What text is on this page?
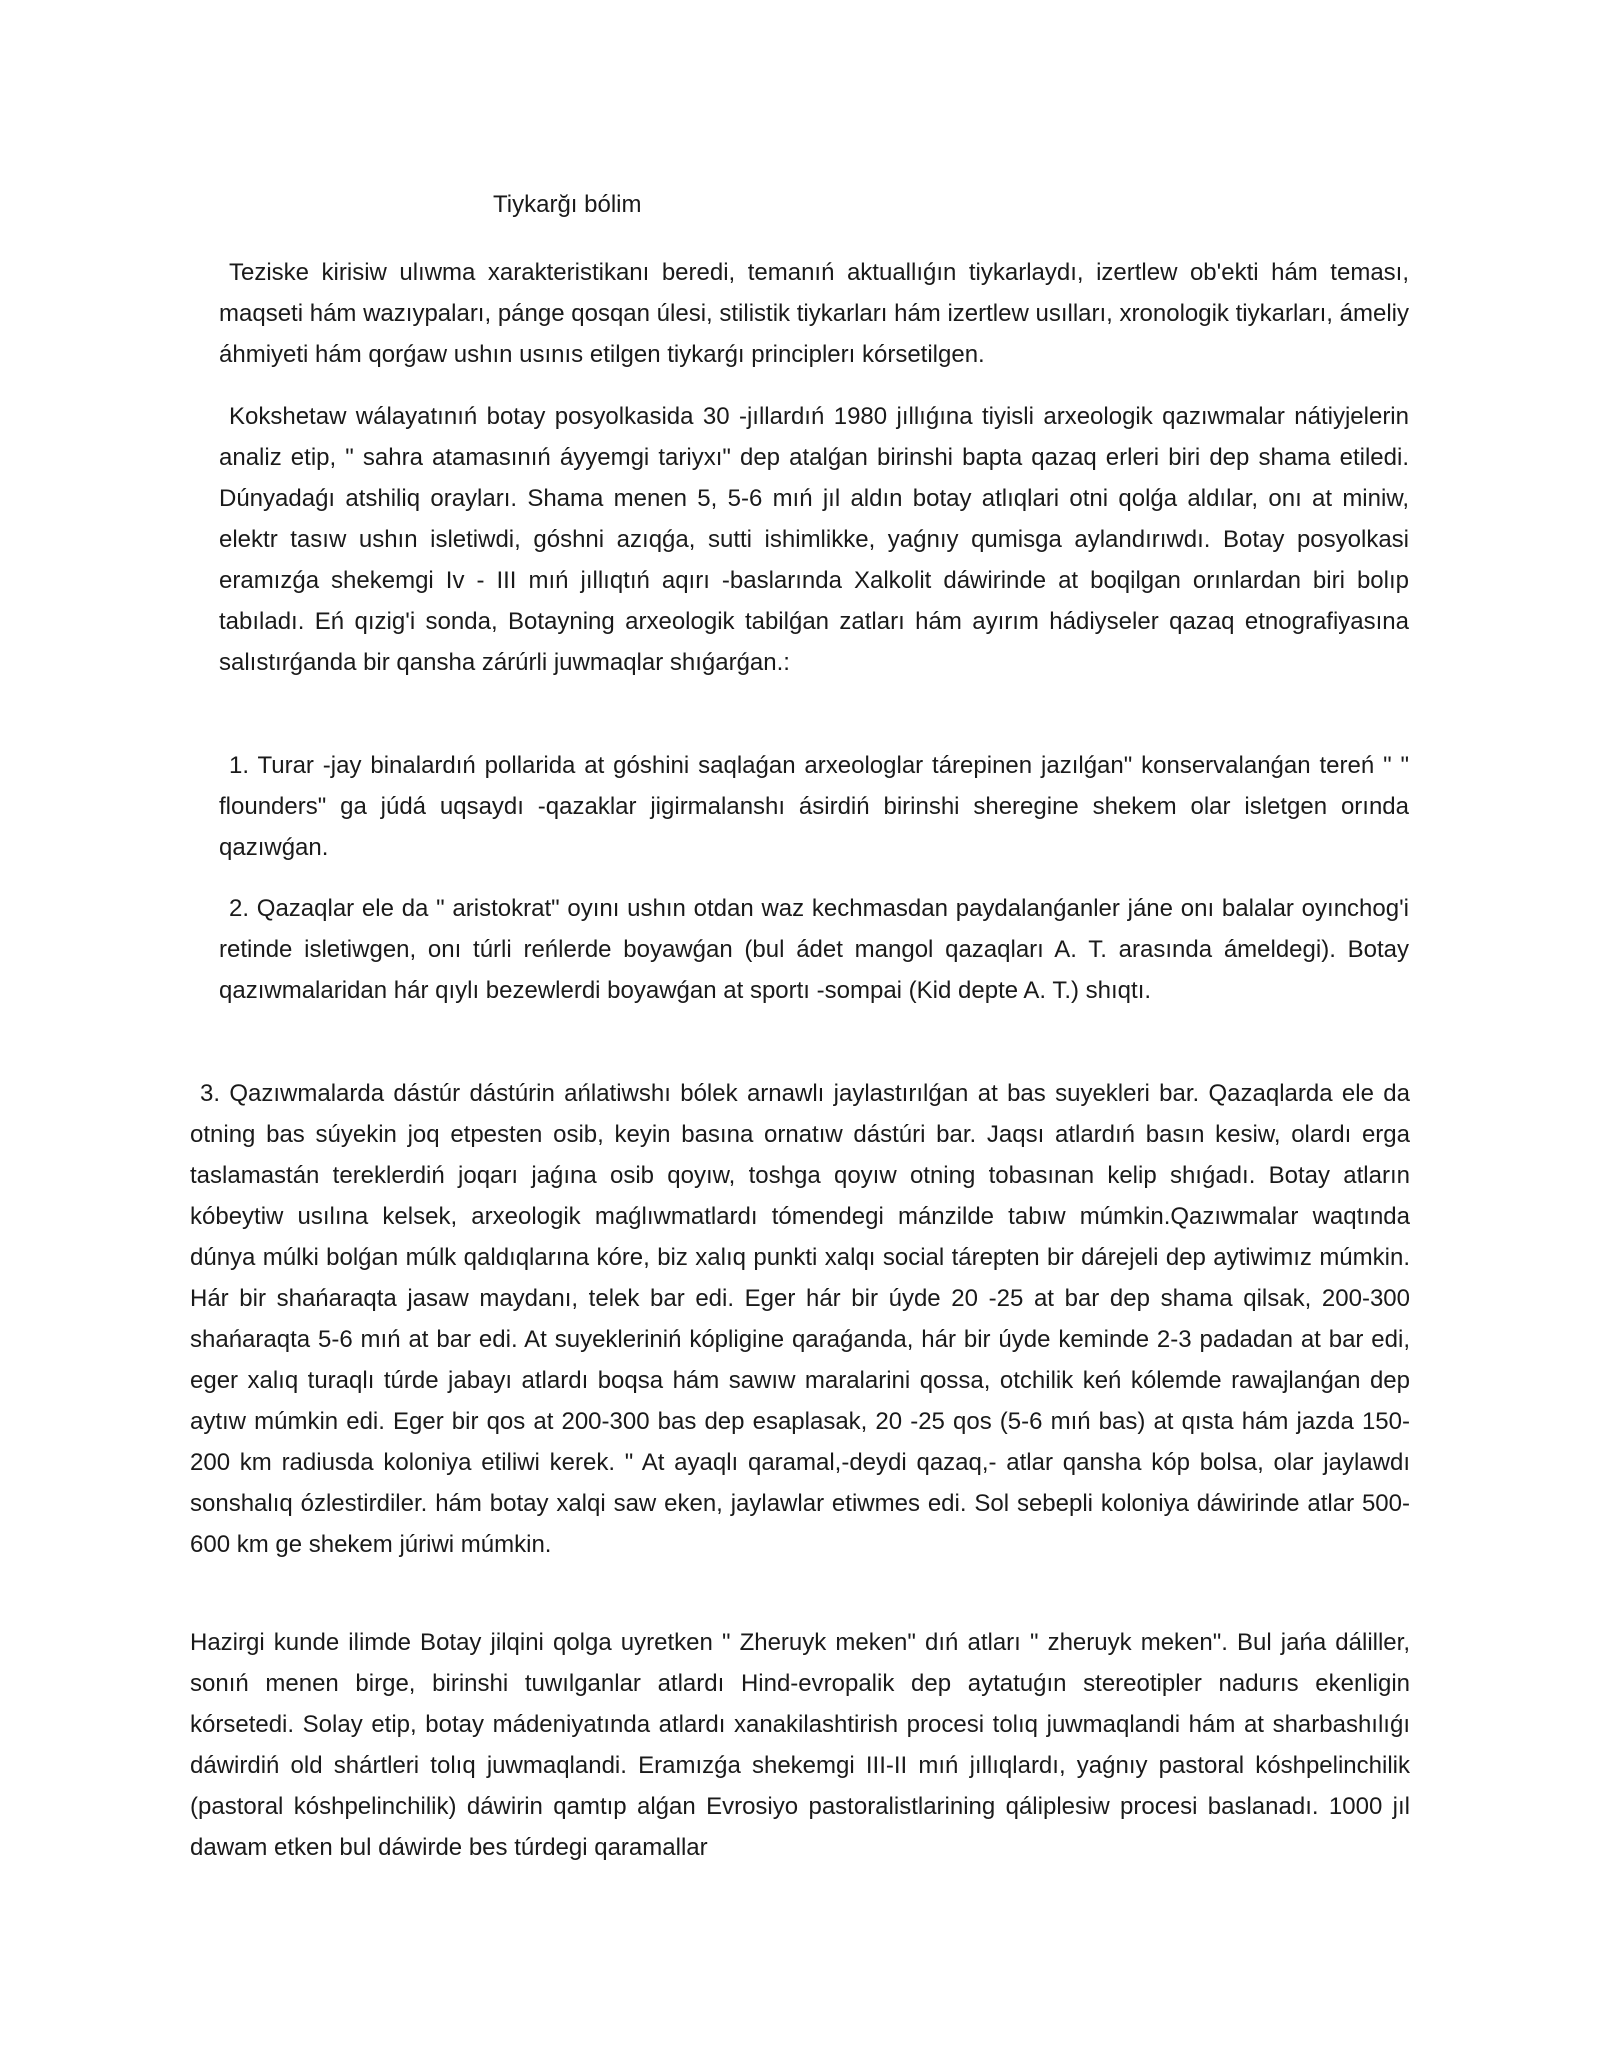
Tiykarğı bólim

Teziske kirisiw ulıwma xarakteristikanı beredi, temanıń aktuallıǵın tiykarlaydı, izertlew ob'ekti hám teması, maqseti hám wazıypaları, pánge qosqan úlesi, stilistik tiykarları hám izertlew usılları, xronologik tiykarları, ámeliy áhmiyeti hám qorǵaw ushın usınıs etilgen tiykarǵı principlerı kórsetilgen.

Kokshetaw wálayatınıń botay posyolkasida 30 -jıllardıń 1980 jıllıǵına tiyisli arxeologik qazıwmalar nátiyjelerin analiz etip, " sahra atamasınıń áyyemgi tariyxı" dep atalǵan birinshi bapta qazaq erleri biri dep shama etiledi. Dúnyadaǵı atshiliq orayları. Shama menen 5, 5-6 mıń jıl aldın botay atlıqlari otni qolǵa aldılar, onı at miniw, elektr tasıw ushın isletiwdi, góshni azıqǵa, sutti ishimlikke, yaǵnıy qumisga aylandırıwdı. Botay posyolkasi eramızǵa shekemgi Iv - III mıń jıllıqtıń aqırı -baslarında Xalkolit dáwirinde at boqilgan orınlardan biri bolıp tabıladı. Eń qızig'i sonda, Botayning arxeologik tabilǵan zatları hám ayırım hádiyseler qazaq etnografiyasına salıstırǵanda bir qansha zárúrli juwmaqlar shıǵarǵan.:

1. Turar -jay binalardıń pollarida at góshini saqlaǵan arxeologlar tárepinen jazılǵan" konservalanǵan tereń " " flounders" ga júdá uqsaydı -qazaklar jigirmalanshı ásirdiń birinshi sheregine shekem olar isletgen orında qazıwǵan.

2. Qazaqlar ele da " aristokrat" oyını ushın otdan waz kechmasdan paydalanǵanler jáne onı balalar oyınchog'i retinde isletiwgen, onı túrli reńlerde boyawǵan (bul ádet mangol qazaqları A. T. arasında ámeldegi). Botay qazıwmalaridan hár qıylı bezewlerdi boyawǵan at sportı -sompai (Kid depte A. T.) shıqtı.

3. Qazıwmalarda dástúr dástúrin ańlatiwshı bólek arnawlı jaylastırılǵan at bas suyekleri bar. Qazaqlarda ele da otning bas súyekin joq etpesten osib, keyin basına ornatıw dástúri bar. Jaqsı atlardıń basın kesiw, olardı erga taslamastán tereklerdiń joqarı jaǵına osib qoyıw, toshga qoyıw otning tobasınan kelip shıǵadı. Botay atların kóbeytiw usılına kelsek, arxeologik maǵlıwmatlardı tómendegi mánzilde tabıw múmkin.Qazıwmalar waqtında dúnya múlki bolǵan múlk qaldıqlarına kóre, biz xalıq punkti xalqı social tárepten bir dárejeli dep aytiwimız múmkin. Hár bir shańaraqta jasaw maydanı, telek bar edi. Eger hár bir úyde 20 -25 at bar dep shama qilsak, 200-300 shańaraqta 5-6 mıń at bar edi. At suyekleriniń kópligine qaraǵanda, hár bir úyde keminde 2-3 padadan at bar edi, eger xalıq turaqlı túrde jabayı atlardı boqsa hám sawıw maralarini qossa, otchilik keń kólemde rawajlanǵan dep aytıw múmkin edi. Eger bir qos at 200-300 bas dep esaplasak, 20 -25 qos (5-6 mıń bas) at qısta hám jazda 150-200 km radiusda koloniya etiliwi kerek. " At ayaqlı qaramal,-deydi qazaq,- atlar qansha kóp bolsa, olar jaylawdı sonshalıq ózlestirdiler. hám botay xalqi saw eken, jaylawlar etiwmes edi. Sol sebepli koloniya dáwirinde atlar 500-600 km ge shekem júriwi múmkin.

Hazirgi kunde ilimde Botay jilqini qolga uyretken " Zheruyk meken" dıń atları " zheruyk meken". Bul jańa dáliller, sonıń menen birge, birinshi tuwılganlar atlardı Hind-evropalik dep aytatuǵın stereotipler nadurıs ekenligin kórsetedi. Solay etip, botay mádeniyatında atlardı xanakilashtirish procesi tolıq juwmaqlandi hám at sharbashılıǵı dáwirdiń old shártleri tolıq juwmaqlandi. Eramızǵa shekemgi III-II mıń jıllıqlardı, yaǵnıy pastoral kóshpelinchilik (pastoral kóshpelinchilik) dáwirin qamtıp alǵan Evrosiyo pastoralistlarining qáliplesiw procesi baslanadı. 1000 jıl dawam etken bul dáwirde bes túrdegi qaramallar
